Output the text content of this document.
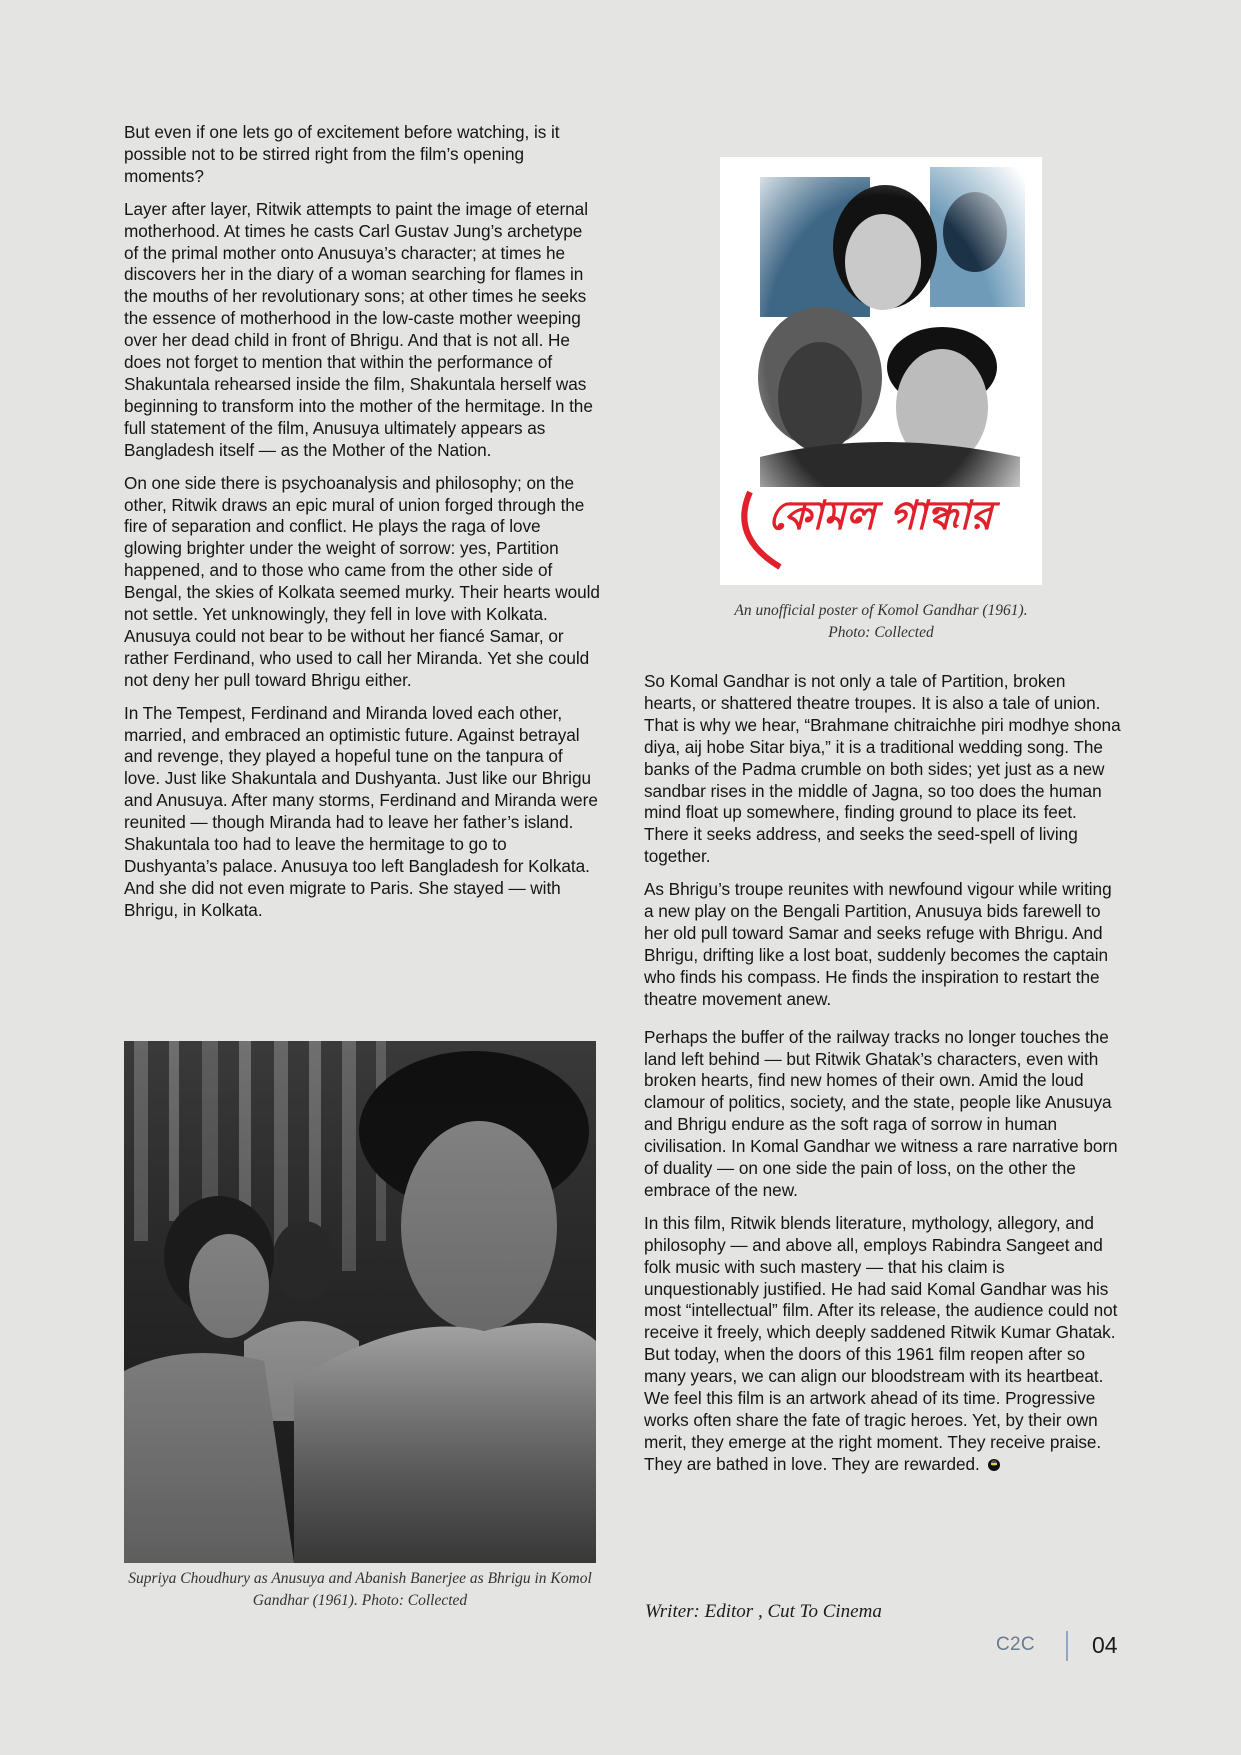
But even if one lets go of excitement before watching, is it possible not to be stirred right from the film’s opening moments?

Layer after layer, Ritwik attempts to paint the image of eternal motherhood. At times he casts Carl Gustav Jung’s archetype of the primal mother onto Anusuya’s character; at times he discovers her in the diary of a woman searching for flames in the mouths of her revolutionary sons; at other times he seeks the essence of motherhood in the low-caste mother weeping over her dead child in front of Bhrigu. And that is not all. He does not forget to mention that within the performance of Shakuntala rehearsed inside the film, Shakuntala herself was beginning to transform into the mother of the hermitage. In the full statement of the film, Anusuya ultimately appears as Bangladesh itself — as the Mother of the Nation.

On one side there is psychoanalysis and philosophy; on the other, Ritwik draws an epic mural of union forged through the fire of separation and conflict. He plays the raga of love glowing brighter under the weight of sorrow: yes, Partition happened, and to those who came from the other side of Bengal, the skies of Kolkata seemed murky. Their hearts would not settle. Yet unknowingly, they fell in love with Kolkata. Anusuya could not bear to be without her fiancé Samar, or rather Ferdinand, who used to call her Miranda. Yet she could not deny her pull toward Bhrigu either.

In The Tempest, Ferdinand and Miranda loved each other, married, and embraced an optimistic future. Against betrayal and revenge, they played a hopeful tune on the tanpura of love. Just like Shakuntala and Dushyanta. Just like our Bhrigu and Anusuya. After many storms, Ferdinand and Miranda were reunited — though Miranda had to leave her father’s island. Shakuntala too had to leave the hermitage to go to Dushyanta’s palace. Anusuya too left Bangladesh for Kolkata. And she did not even migrate to Paris. She stayed — with Bhrigu, in Kolkata.

Supriya Choudhury as Anusuya and Abanish Banerjee as Bhrigu in Komol Gandhar (1961). Photo: Collected
কোমল গান্ধার
An unofficial poster of Komol Gandhar (1961).
Photo: Collected

So Komal Gandhar is not only a tale of Partition, broken hearts, or shattered theatre troupes. It is also a tale of union. That is why we hear, “Brahmane chitraichhe piri modhye shona diya, aij hobe Sitar biya,” it is a traditional wedding song. The banks of the Padma crumble on both sides; yet just as a new sandbar rises in the middle of Jagna, so too does the human mind float up somewhere, finding ground to place its feet. There it seeks address, and seeks the seed-spell of living together.

As Bhrigu’s troupe reunites with newfound vigour while writing a new play on the Bengali Partition, Anusuya bids farewell to her old pull toward Samar and seeks refuge with Bhrigu. And Bhrigu, drifting like a lost boat, suddenly becomes the captain who finds his compass. He finds the inspiration to restart the theatre movement anew.

Perhaps the buffer of the railway tracks no longer touches the land left behind — but Ritwik Ghatak’s characters, even with broken hearts, find new homes of their own. Amid the loud clamour of politics, society, and the state, people like Anusuya and Bhrigu endure as the soft raga of sorrow in human civilisation. In Komal Gandhar we witness a rare narrative born of duality — on one side the pain of loss, on the other the embrace of the new.

In this film, Ritwik blends literature, mythology, allegory, and philosophy — and above all, employs Rabindra Sangeet and folk music with such mastery — that his claim is unquestionably justified. He had said Komal Gandhar was his most “intellectual” film. After its release, the audience could not receive it freely, which deeply saddened Ritwik Kumar Ghatak. But today, when the doors of this 1961 film reopen after so many years, we can align our bloodstream with its heartbeat. We feel this film is an artwork ahead of its time. Progressive works often share the fate of tragic heroes. Yet, by their own merit, they emerge at the right moment. They receive praise. They are bathed in love. They are rewarded.

Writer: Editor , Cut To Cinema
C2C 04
